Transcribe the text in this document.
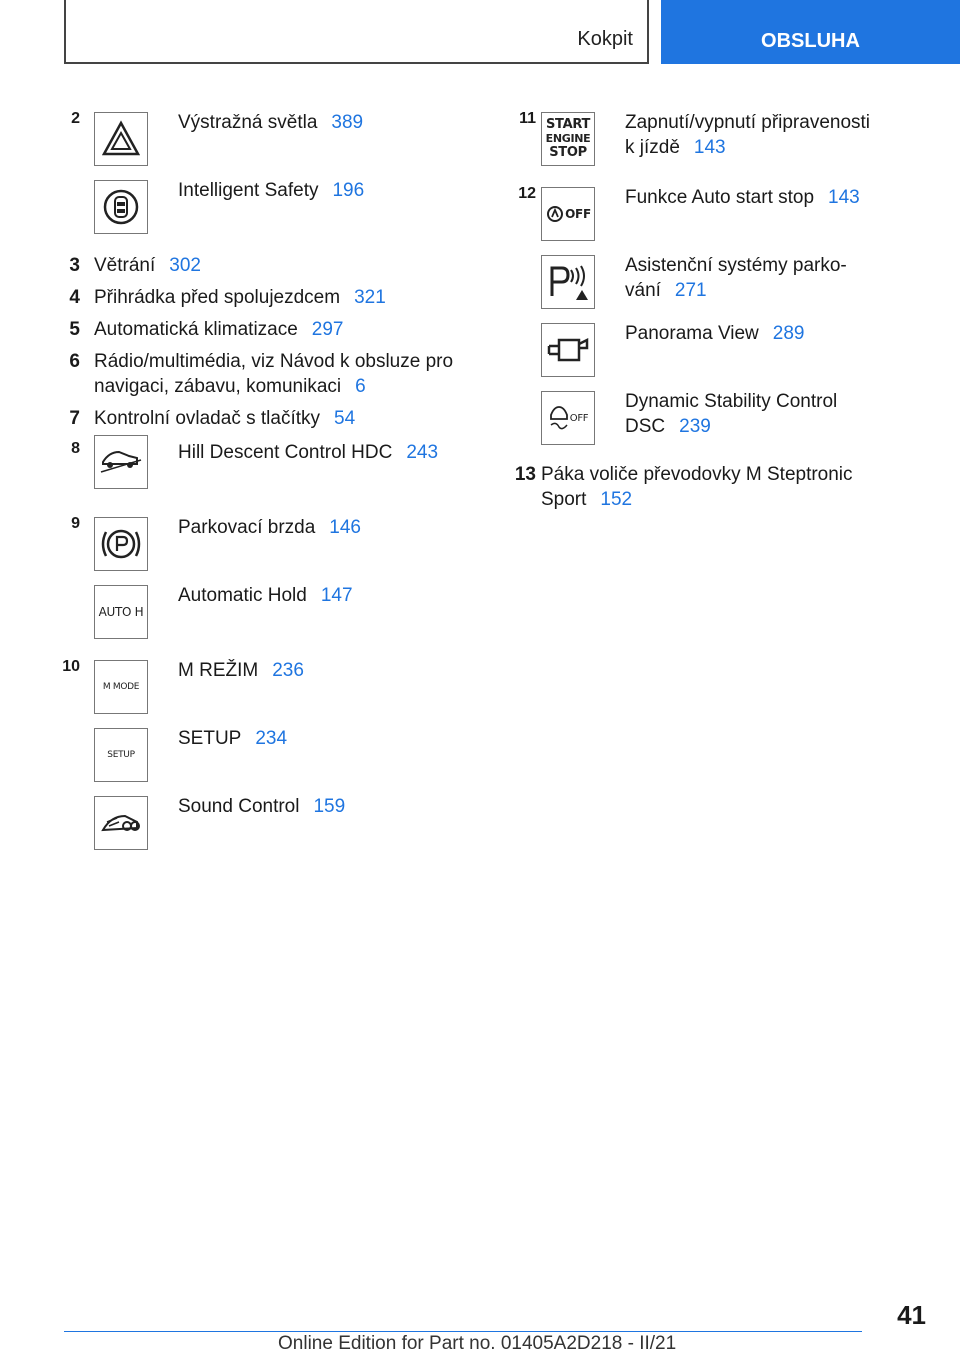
Kokpit	OBSLUHA
2	Výstražná světla 389
Intelligent Safety 196
3 Větrání 302
4 Přihrádka před spolujezdcem 321
5 Automatická klimatizace 297
6 Rádio/multimédia, viz Návod k obsluze pro
navigaci, zábavu, komunikaci 6
7 Kontrolní ovladač s tlačítky 54
8	Hill Descent Control HDC 243
9	Parkovací brzda 146
AUTO H
Automatic Hold 147
10
M MODE
M REŽIM 236
SETUP
SETUP 234
Sound Control 159
11 START
ENGINE
STOP
Zapnutí/vypnutí připravenosti
k jízdě 143
12
OFF
Funkce Auto start stop 143
Asistenční systémy parko-
vání 271
Panorama View 289
OFF
Dynamic Stability Control
DSC 239
13 Páka voliče převodovky M Steptronic
Sport 152
41
Online Edition for Part no. 01405A2D218 - II/21
